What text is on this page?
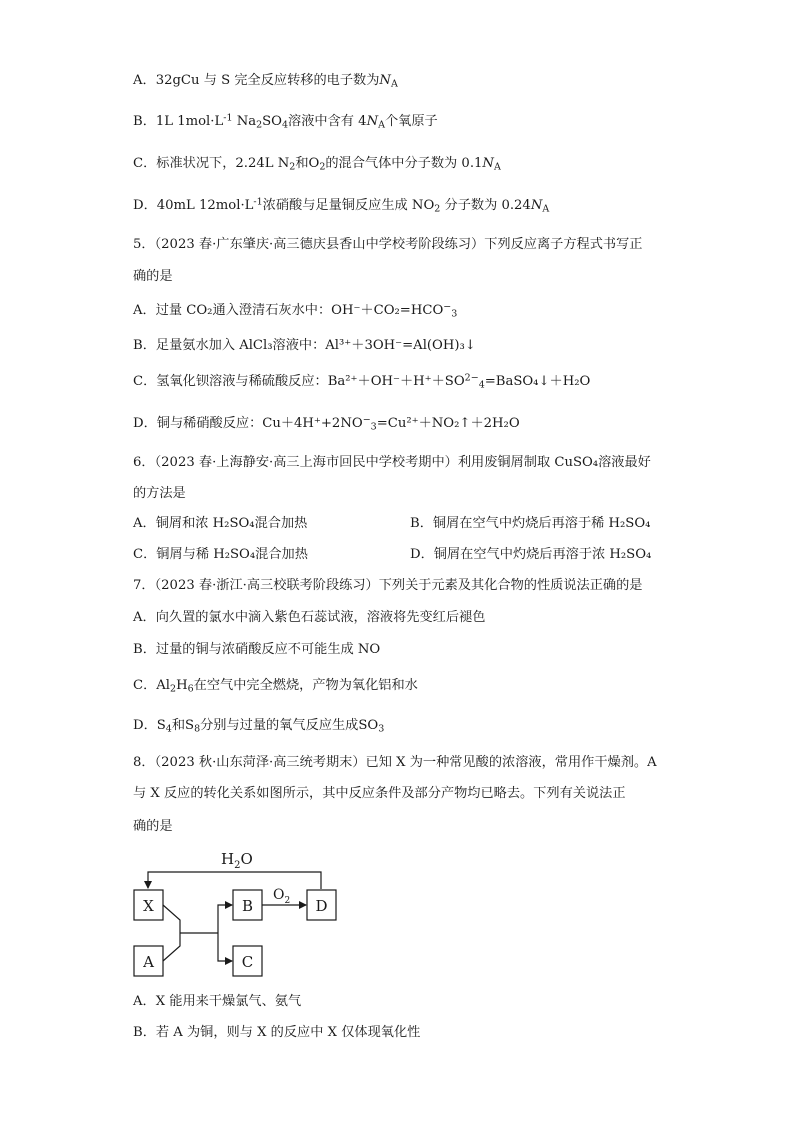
A．32gCu 与 S 完全反应转移的电子数为$N_A$
B．1L $1mol\cdot L^{-1}$ $Na_2SO_4$溶液中含有 $4N_A$个氧原子
C．标准状况下，2.24L $N_2$和$O_2$的混合气体中分子数为 $0.1N_A$
D．40mL $12mol\cdot L^{-1}$浓硝酸与足量铜反应生成 $NO_2$ 分子数为 $0.24N_A$
5．（2023 春·广东肇庆·高三德庆县香山中学校考阶段练习）下列反应离子方程式书写正
确的是
A．过量 CO₂通入澄清石灰水中：$OH^-+CO_2=HCO^-_3$
B．足量氨水加入 AlCl₃溶液中：Al³⁺＋3OH⁻=Al(OH)₃↓
C．氢氧化钡溶液与稀硫酸反应：$Ba^{2+}+OH^-+H^++SO^{2-}_4=BaSO_4↓+H_2O$
D．铜与稀硝酸反应：$Cu+4H^++2NO^-_3=Cu^{2+}+NO_2↑+2H_2O$
6．（2023 春·上海静安·高三上海市回民中学校考期中）利用废铜屑制取 CuSO₄溶液最好
的方法是
A．铜屑和浓 H₂SO₄混合加热	B．铜屑在空气中灼烧后再溶于稀 H₂SO₄
C．铜屑与稀 H₂SO₄混合加热	D．铜屑在空气中灼烧后再溶于浓 H₂SO₄
7．（2023 春·浙江·高三校联考阶段练习）下列关于元素及其化合物的性质说法正确的是
A．向久置的氯水中滴入紫色石蕊试液，溶液将先变红后褪色
B．过量的铜与浓硝酸反应不可能生成 NO
C．$Al_2H_6$在空气中完全燃烧，产物为氧化铝和水
D．$S_4$和$S_8$分别与过量的氧气反应生成$SO_3$
8．（2023 秋·山东菏泽·高三统考期末）已知 X 为一种常见酸的浓溶液，常用作干燥剂。A
与 X 反应的转化关系如图所示，其中反应条件及部分产物均已略去。下列有关说法正
确的是
$H_2O$
X
A
B
C
D
$O_2$
A．X 能用来干燥氯气、氨气
B．若 A 为铜，则与 X 的反应中 X 仅体现氧化性
